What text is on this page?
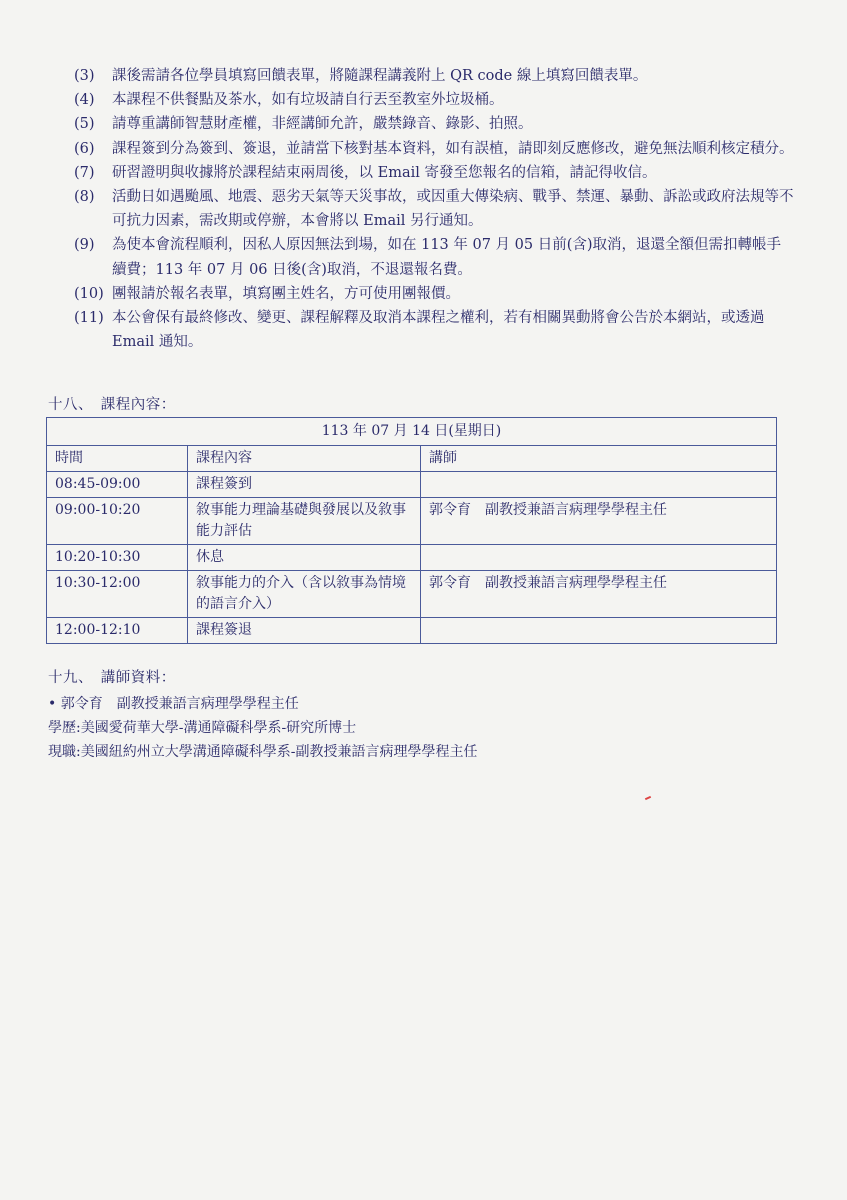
(3)	課後需請各位學員填寫回饋表單，將隨課程講義附上 QR code 線上填寫回饋表單。
(4)	本課程不供餐點及茶水，如有垃圾請自行丟至教室外垃圾桶。
(5)	請尊重講師智慧財產權，非經講師允許，嚴禁錄音、錄影、拍照。
(6)	課程簽到分為簽到、簽退，並請當下核對基本資料，如有誤植，請即刻反應修改，避免無法順利核定積分。
(7)	研習證明與收據將於課程結束兩周後，以 Email 寄發至您報名的信箱，請記得收信。
(8)	活動日如遇颱風、地震、惡劣天氣等天災事故，或因重大傳染病、戰爭、禁運、暴動、訴訟或政府法規等不可抗力因素，需改期或停辦，本會將以 Email 另行通知。
(9)	為使本會流程順利，因私人原因無法到場，如在 113 年 07 月 05 日前(含)取消，退還全額但需扣轉帳手續費；113 年 07 月 06 日後(含)取消，不退還報名費。
(10) 團報請於報名表單，填寫團主姓名，方可使用團報價。
(11) 本公會保有最終修改、變更、課程解釋及取消本課程之權利，若有相關異動將會公告於本網站，或透過 Email 通知。
十八、　課程內容：
113 年 07 月 14 日(星期日)		
時間	課程內容	講師
08:45-09:00	課程簽到	
09:00-10:20	敘事能力理論基礎與發展以及敘事能力評估	郭令育　副教授兼語言病理學學程主任
10:20-10:30	休息	
10:30-12:00	敘事能力的介入（含以敘事為情境的語言介入）	郭令育　副教授兼語言病理學學程主任
12:00-12:10	課程簽退	
十九、　講師資料：
• 郭令育　副教授兼語言病理學學程主任
學歷:美國愛荷華大學-溝通障礙科學系-研究所博士
現職:美國紐約州立大學溝通障礙科學系-副教授兼語言病理學學程主任
